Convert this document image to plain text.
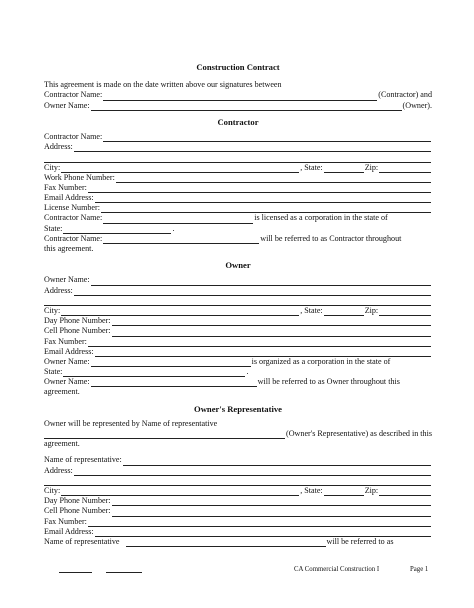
Construction Contract
This agreement is made on the date written above our signatures between
Contractor Name:	(Contractor) and
Owner Name:	(Owner).
Contractor
Contractor Name:
Address:
City:	, State:	Zip:
Work Phone Number:
Fax Number:
Email Address:
License Number:
Contractor Name:	is licensed as a corporation in the state of
State:	.
Contractor Name:	will be referred to as Contractor throughout
this agreement.
Owner
Owner Name:
Address:
City:	, State:	Zip:
Day Phone Number:
Cell Phone Number:
Fax Number:
Email Address:
Owner Name:	is organized as a corporation in the state of
State:	.
Owner Name:	will be referred to as Owner throughout this
agreement.
Owner's Representative
Owner will be represented by Name of representative
(Owner's Representative) as described in this
agreement.
Name of representative:
Address:
City:	, State:	Zip:
Day Phone Number:
Cell Phone Number:
Fax Number:
Email Address:
Name of representative	will be referred to as
CA Commercial Construction I	Page 1
